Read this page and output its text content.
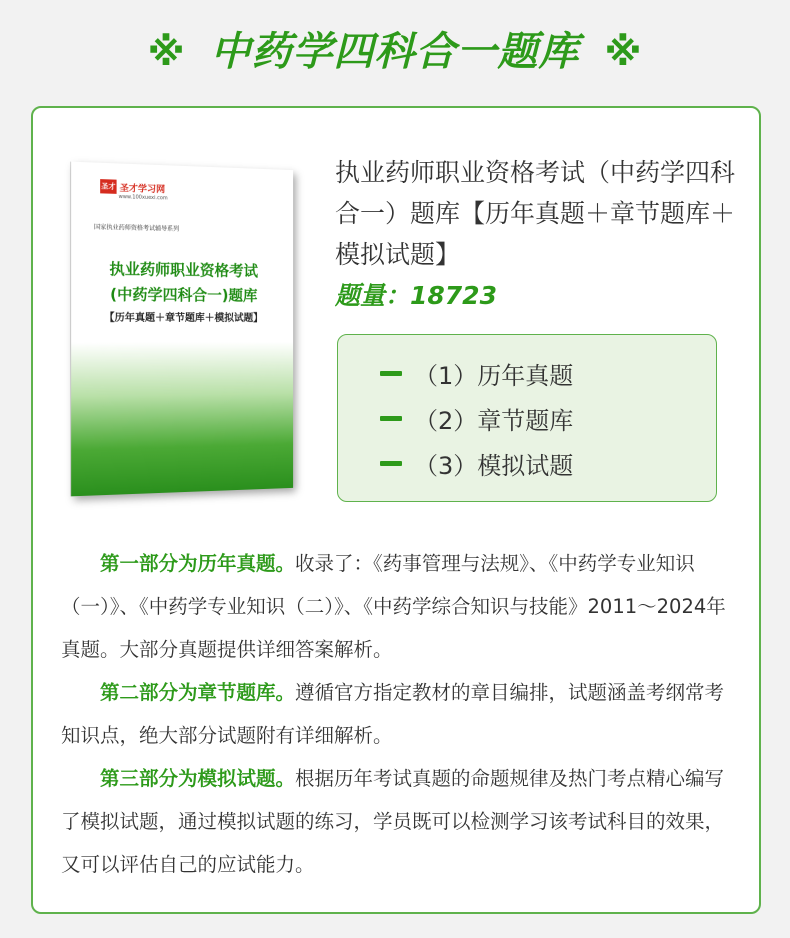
※ 中药学四科合一题库 ※
圣才 圣才学习网
www.100xuexi.com
国家执业药师资格考试辅导系列
执业药师职业资格考试
(中药学四科合一)题库
【历年真题＋章节题库＋模拟试题】
执业药师职业资格考试（中药学四科合一）题库【历年真题＋章节题库＋模拟试题】
题量：18723
（1）历年真题
（2）章节题库
（3）模拟试题

第一部分为历年真题。收录了：《药事管理与法规》、《中药学专业知识（一）》、《中药学专业知识（二）》、《中药学综合知识与技能》2011～2024年真题。大部分真题提供详细答案解析。

第二部分为章节题库。遵循官方指定教材的章目编排，试题涵盖考纲常考知识点，绝大部分试题附有详细解析。

第三部分为模拟试题。根据历年考试真题的命题规律及热门考点精心编写了模拟试题，通过模拟试题的练习，学员既可以检测学习该考试科目的效果，又可以评估自己的应试能力。
